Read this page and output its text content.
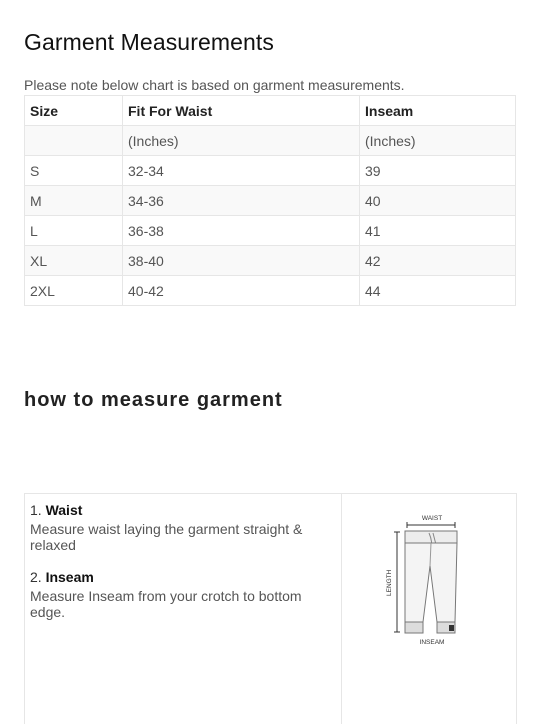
Garment Measurements

Please note below chart is based on garment measurements.

Size	Fit For Waist	Inseam
	(Inches)	(Inches)
S	32-34	39
M	34-36	40
L	36-38	41
XL	38-40	42
2XL	40-42	44
how to measure garment

1. Waist

Measure waist laying the garment straight & relaxed

2. Inseam

Measure Inseam from your crotch to bottom edge.

WAIST
LENGTH
INSEAM
